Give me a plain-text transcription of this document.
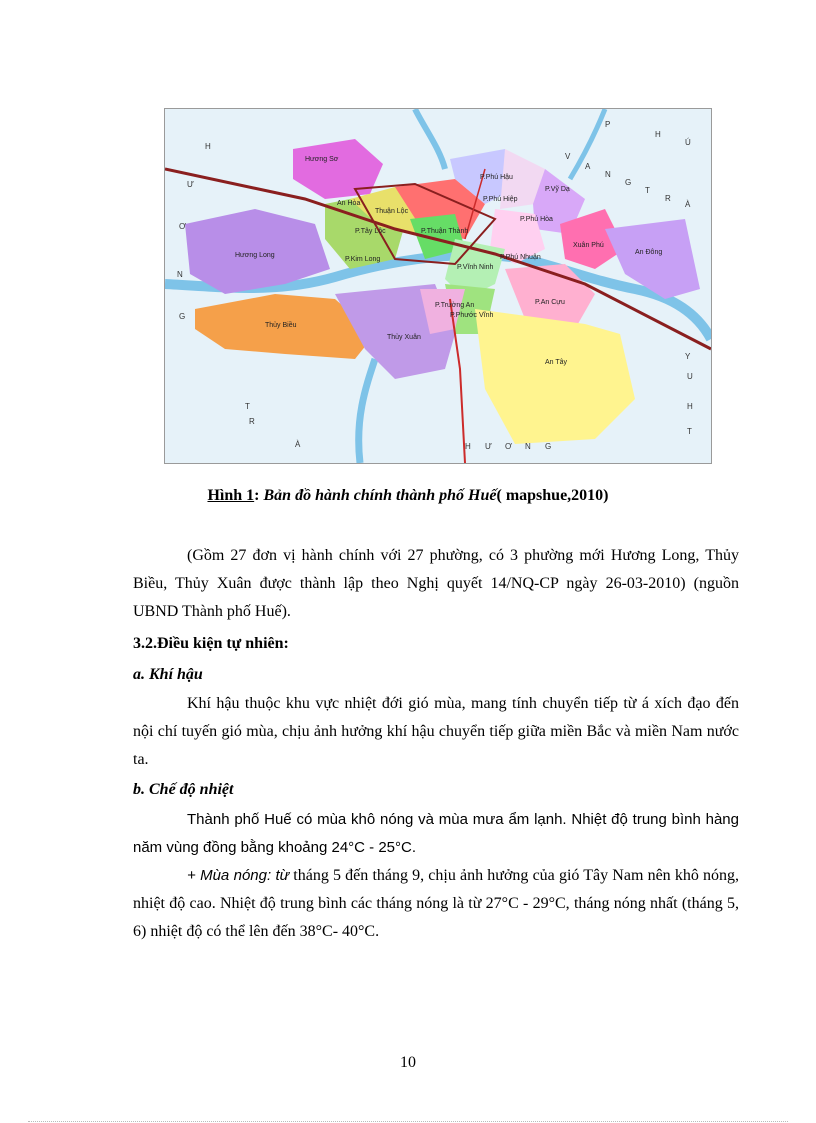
P
H
Ú
V
A
N
G
T
R
À
H
Ư
Ơ
N
G
H Ư Ơ N G
T
R
À
Y
U
H
T
Hương Sơ
An Hòa
Hương Long
Thuận Lộc
P.Tây Lộc	P.Thuận Thành
P.Kim Long
P.Phú Hậu
P.Phú Hiệp
P.Phú Hòa
P.Vĩnh Ninh
P.Phú Nhuận
Xuân Phú
An Đông
P.An Cựu
Thủy Biều
Thủy Xuân
An Tây
P.Phước Vĩnh
P.Trường An
P.Vỹ Dạ
Hình 1: Bản đồ hành chính thành phố Huế( mapshue,2010)
(Gồm 27 đơn vị hành chính với 27 phường, có 3 phường mới Hương Long, Thủy Biều, Thủy Xuân được thành lập theo Nghị quyết 14/NQ-CP ngày 26-03-2010) (nguồn UBND Thành phố Huế).
3.2.Điều kiện tự nhiên:
a. Khí hậu
Khí hậu thuộc khu vực nhiệt đới gió mùa, mang tính chuyển tiếp từ á xích đạo đến nội chí tuyến gió mùa, chịu ảnh hưởng khí hậu chuyển tiếp giữa miền Bắc và miền Nam nước ta.
b. Chế độ nhiệt
Thành phố Huế có mùa khô nóng và mùa mưa ẩm lạnh. Nhiệt độ trung bình hàng năm vùng đồng bằng khoảng 24°C - 25°C.
+ Mùa nóng: từ tháng 5 đến tháng 9, chịu ảnh hưởng của gió Tây Nam nên khô nóng, nhiệt độ cao. Nhiệt độ trung bình các tháng nóng là từ 27°C - 29°C, tháng nóng nhất (tháng 5, 6) nhiệt độ có thể lên đến 38°C- 40°C.
10
